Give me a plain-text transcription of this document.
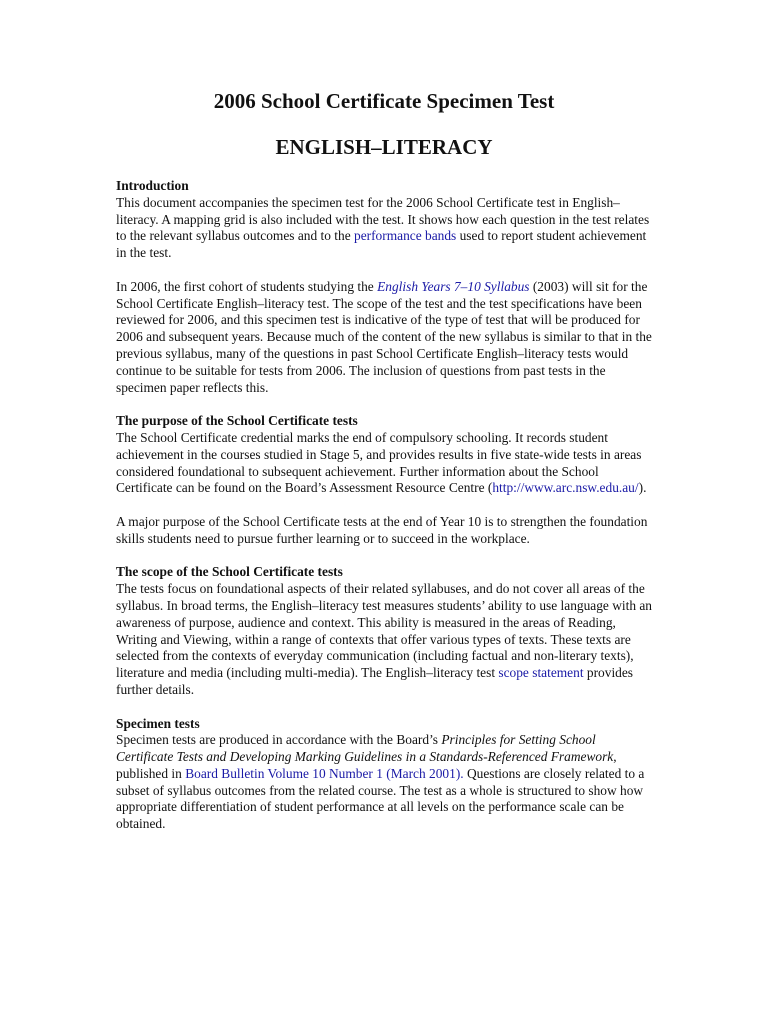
2006 School Certificate Specimen Test
ENGLISH–LITERACY
Introduction

This document accompanies the specimen test for the 2006 School Certificate test in English–literacy. A mapping grid is also included with the test. It shows how each question in the test relates to the relevant syllabus outcomes and to the performance bands used to report student achievement in the test.

In 2006, the first cohort of students studying the English Years 7–10 Syllabus (2003) will sit for the School Certificate English–literacy test. The scope of the test and the test specifications have been reviewed for 2006, and this specimen test is indicative of the type of test that will be produced for 2006 and subsequent years. Because much of the content of the new syllabus is similar to that in the previous syllabus, many of the questions in past School Certificate English–literacy tests would continue to be suitable for tests from 2006. The inclusion of questions from past tests in the specimen paper reflects this.

The purpose of the School Certificate tests

The School Certificate credential marks the end of compulsory schooling. It records student achievement in the courses studied in Stage 5, and provides results in five state-wide tests in areas considered foundational to subsequent achievement. Further information about the School Certificate can be found on the Board’s Assessment Resource Centre (http://www.arc.nsw.edu.au/).

A major purpose of the School Certificate tests at the end of Year 10 is to strengthen the foundation skills students need to pursue further learning or to succeed in the workplace.

The scope of the School Certificate tests

The tests focus on foundational aspects of their related syllabuses, and do not cover all areas of the syllabus. In broad terms, the English–literacy test measures students’ ability to use language with an awareness of purpose, audience and context. This ability is measured in the areas of Reading, Writing and Viewing, within a range of contexts that offer various types of texts. These texts are selected from the contexts of everyday communication (including factual and non-literary texts), literature and media (including multi-media). The English–literacy test scope statement provides further details.

Specimen tests

Specimen tests are produced in accordance with the Board’s Principles for Setting School Certificate Tests and Developing Marking Guidelines in a Standards-Referenced Framework, published in Board Bulletin Volume 10 Number 1 (March 2001). Questions are closely related to a subset of syllabus outcomes from the related course. The test as a whole is structured to show how appropriate differentiation of student performance at all levels on the performance scale can be obtained.
